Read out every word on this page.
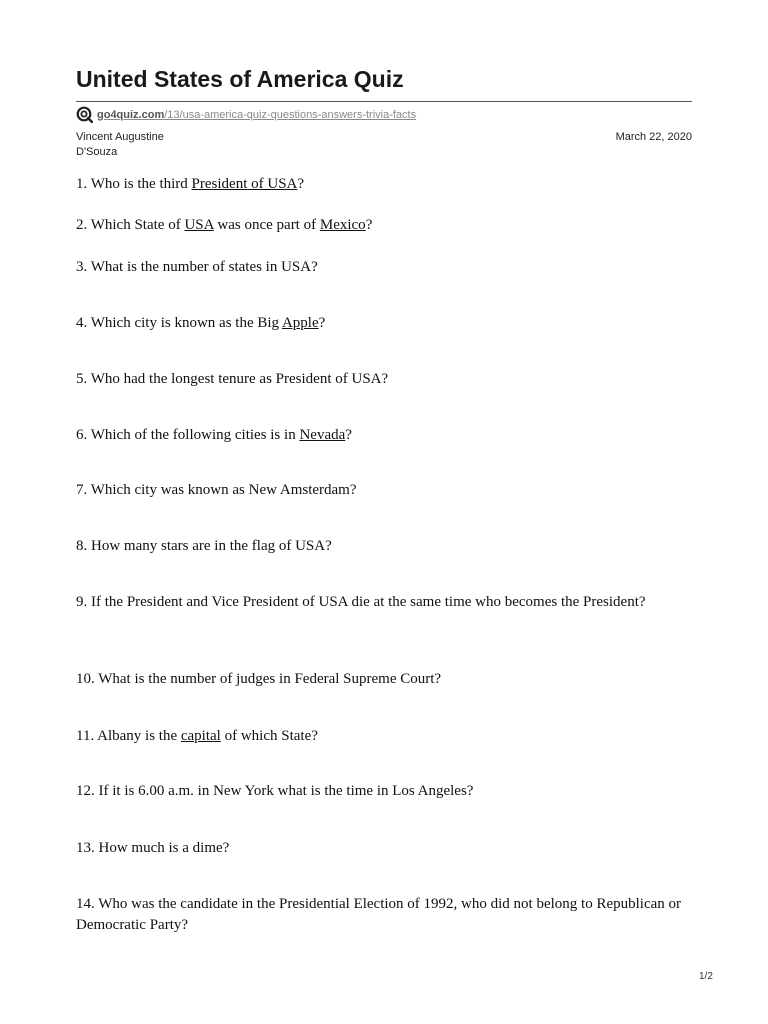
United States of America Quiz
go4quiz.com/13/usa-america-quiz-questions-answers-trivia-facts
Vincent Augustine
D'Souza
March 22, 2020
1. Who is the third President of USA?
2. Which State of USA was once part of Mexico?
3. What is the number of states in USA?
4. Which city is known as the Big Apple?
5. Who had the longest tenure as President of USA?
6. Which of the following cities is in Nevada?
7. Which city was known as New Amsterdam?
8. How many stars are in the flag of USA?
9. If the President and Vice President of USA die at the same time who becomes the President?
10. What is the number of judges in Federal Supreme Court?
11. Albany is the capital of which State?
12. If it is 6.00 a.m. in New York what is the time in Los Angeles?
13. How much is a dime?
14. Who was the candidate in the Presidential Election of 1992, who did not belong to Republican or Democratic Party?
1/2
